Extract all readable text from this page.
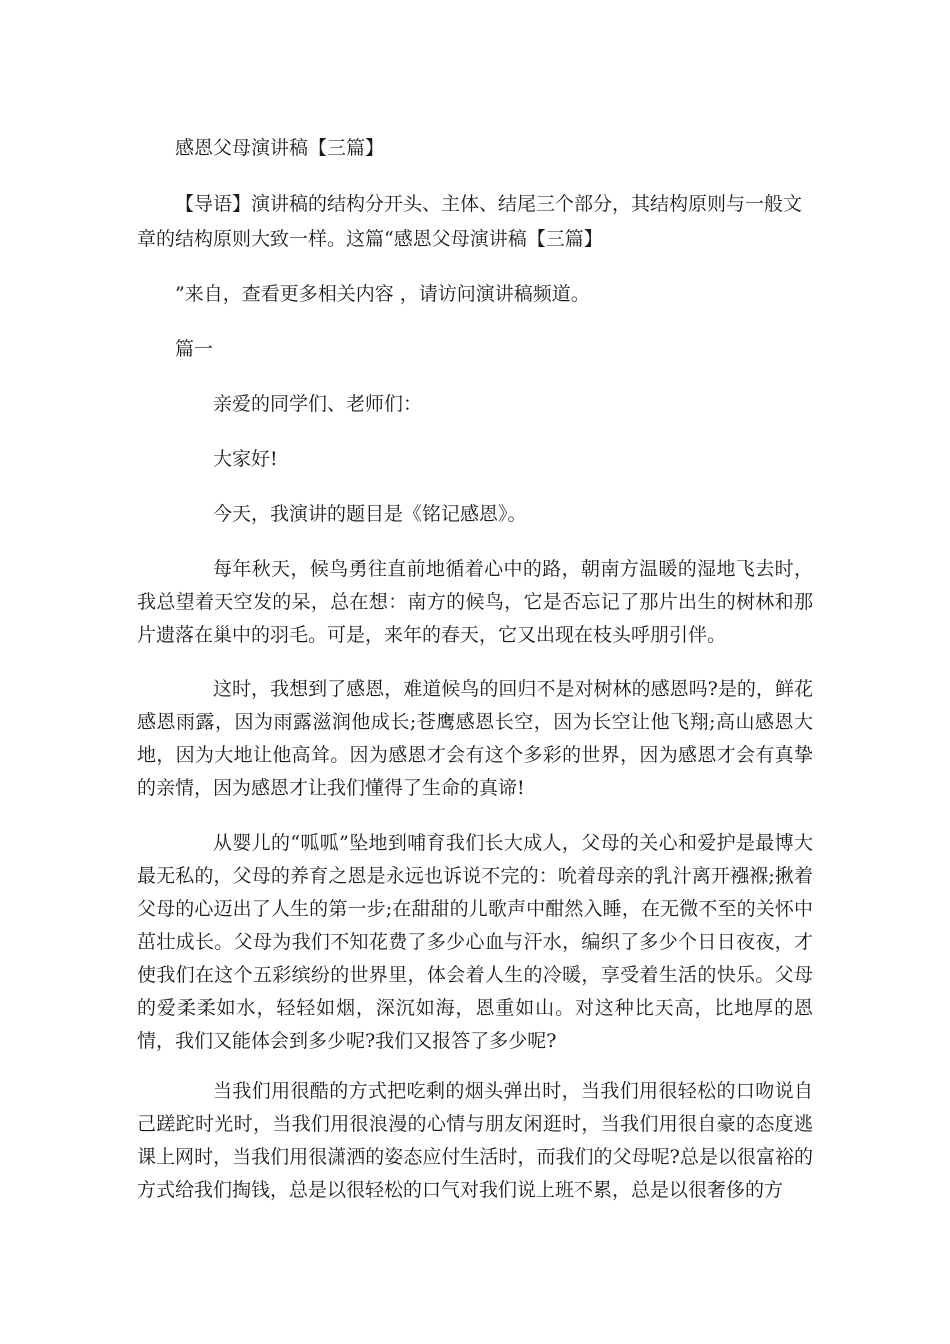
感恩父母演讲稿【三篇】

【导语】演讲稿的结构分开头、主体、结尾三个部分，其结构原则与一般文

章的结构原则大致一样。这篇“感恩父母演讲稿【三篇】

”来自，查看更多相关内容 ，请访问演讲稿频道。

篇一

亲爱的同学们、老师们：

大家好!

今天，我演讲的题目是《铭记感恩》。

每年秋天，候鸟勇往直前地循着心中的路，朝南方温暖的湿地飞去时，我总望着天空发的呆，总在想：南方的候鸟，它是否忘记了那片出生的树林和那片遗落在巢中的羽毛。可是，来年的春天，它又出现在枝头呼朋引伴。

这时，我想到了感恩，难道候鸟的回归不是对树林的感恩吗?是的，鲜花感恩雨露，因为雨露滋润他成长;苍鹰感恩长空，因为长空让他飞翔;高山感恩大地，因为大地让他高耸。因为感恩才会有这个多彩的世界，因为感恩才会有真挚的亲情，因为感恩才让我们懂得了生命的真谛!

从婴儿的“呱呱”坠地到哺育我们长大成人，父母的关心和爱护是最博大最无私的，父母的养育之恩是永远也诉说不完的：吮着母亲的乳汁离开襁褓;揪着父母的心迈出了人生的第一步;在甜甜的儿歌声中酣然入睡，在无微不至的关怀中茁壮成长。父母为我们不知花费了多少心血与汗水，编织了多少个日日夜夜，才使我们在这个五彩缤纷的世界里，体会着人生的冷暖，享受着生活的快乐。父母的爱柔柔如水，轻轻如烟，深沉如海，恩重如山。对这种比天高，比地厚的恩情，我们又能体会到多少呢?我们又报答了多少呢?

当我们用很酷的方式把吃剩的烟头弹出时，当我们用很轻松的口吻说自己蹉跎时光时，当我们用很浪漫的心情与朋友闲逛时，当我们用很自豪的态度逃课上网时，当我们用很潇洒的姿态应付生活时，而我们的父母呢?总是以很富裕的方式给我们掏钱，总是以很轻松的口气对我们说上班不累，总是以很奢侈的方
